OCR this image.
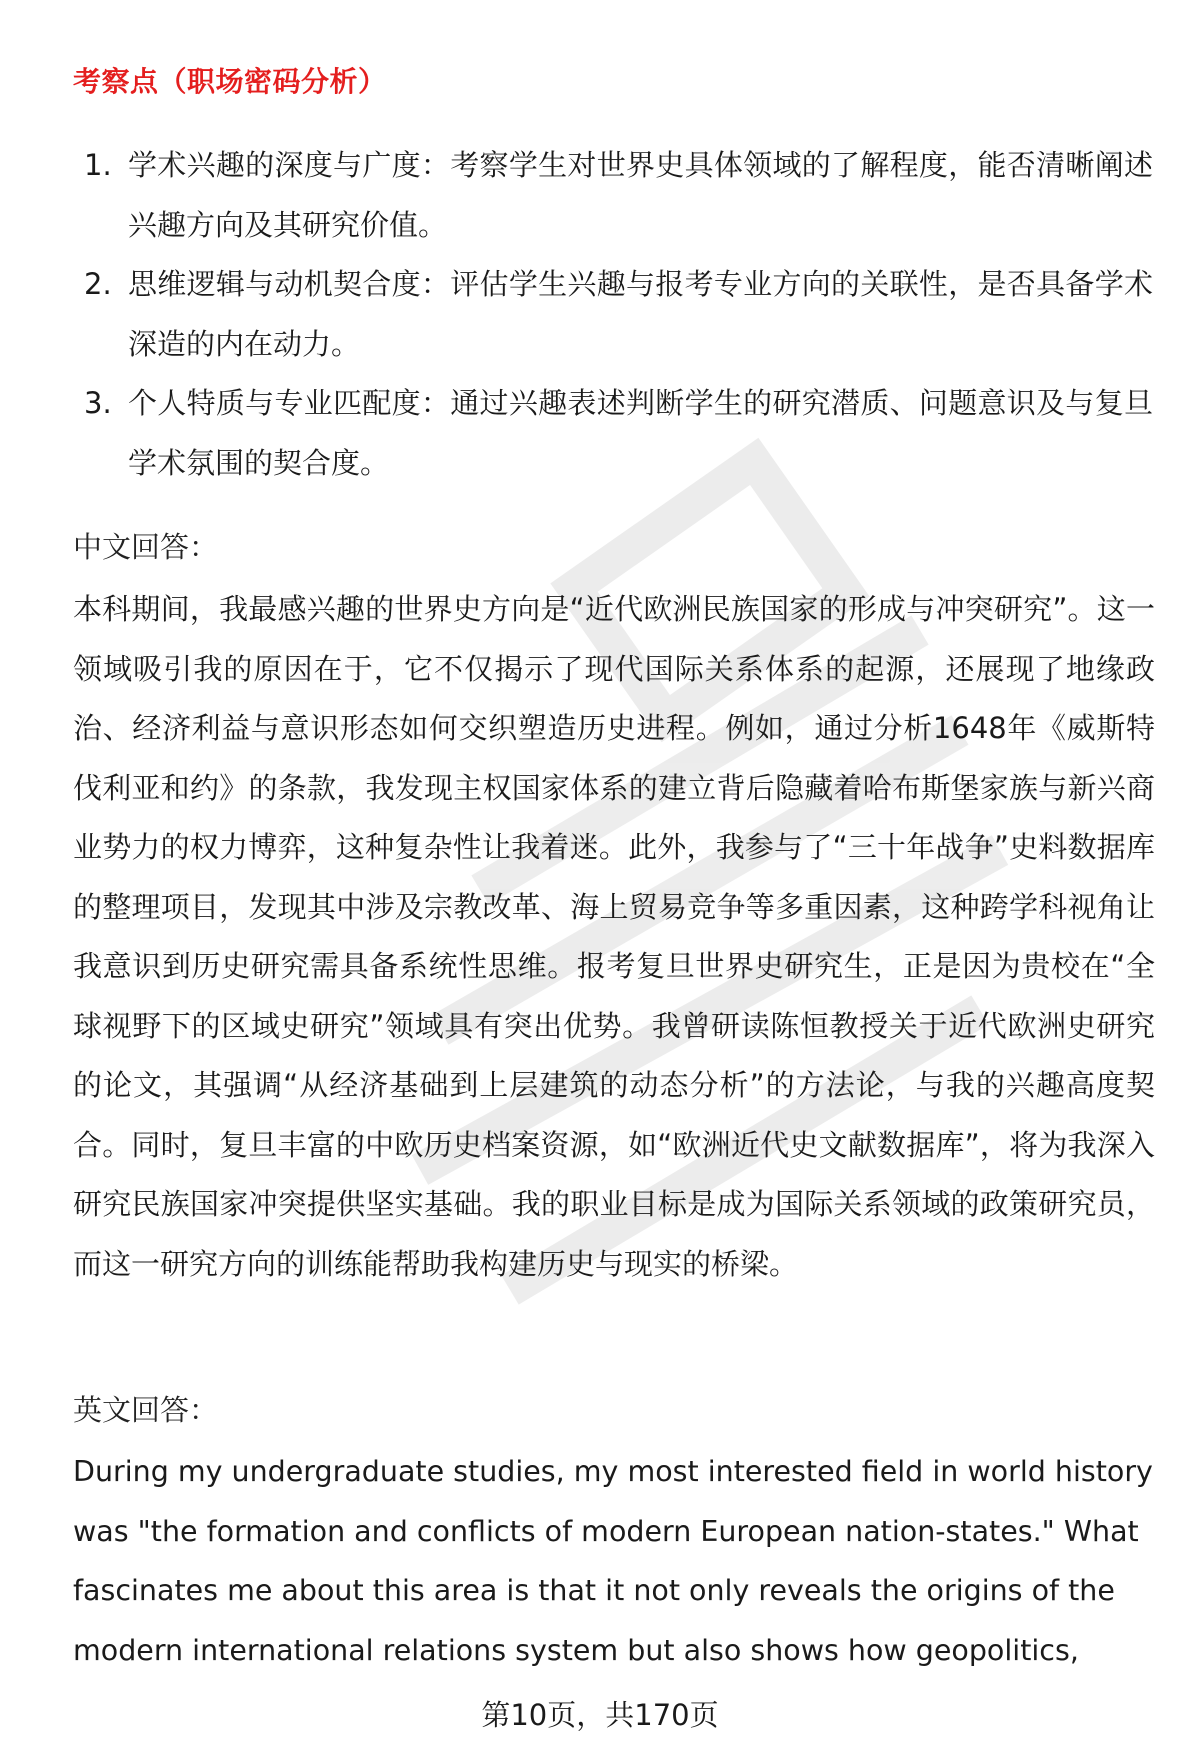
考察点（职场密码分析）
1. 学术兴趣的深度与广度：考察学生对世界史具体领域的了解程度，能否清晰阐述兴趣方向及其研究价值。
2. 思维逻辑与动机契合度：评估学生兴趣与报考专业方向的关联性，是否具备学术深造的内在动力。
3. 个人特质与专业匹配度：通过兴趣表述判断学生的研究潜质、问题意识及与复旦学术氛围的契合度。
中文回答：

本科期间，我最感兴趣的世界史方向是“近代欧洲民族国家的形成与冲突研究”。这一领域吸引我的原因在于，它不仅揭示了现代国际关系体系的起源，还展现了地缘政治、经济利益与意识形态如何交织塑造历史进程。例如，通过分析1648年《威斯特伐利亚和约》的条款，我发现主权国家体系的建立背后隐藏着哈布斯堡家族与新兴商业势力的权力博弈，这种复杂性让我着迷。此外，我参与了“三十年战争”史料数据库的整理项目，发现其中涉及宗教改革、海上贸易竞争等多重因素，这种跨学科视角让我意识到历史研究需具备系统性思维。报考复旦世界史研究生，正是因为贵校在“全球视野下的区域史研究”领域具有突出优势。我曾研读陈恒教授关于近代欧洲史研究的论文，其强调“从经济基础到上层建筑的动态分析”的方法论，与我的兴趣高度契合。同时，复旦丰富的中欧历史档案资源，如“欧洲近代史文献数据库”，将为我深入研究民族国家冲突提供坚实基础。我的职业目标是成为国际关系领域的政策研究员，而这一研究方向的训练能帮助我构建历史与现实的桥梁。

英文回答：
During my undergraduate studies, my most interested field in world history
was "the formation and conflicts of modern European nation-states." What
fascinates me about this area is that it not only reveals the origins of the
modern international relations system but also shows how geopolitics,
第10页，共170页
